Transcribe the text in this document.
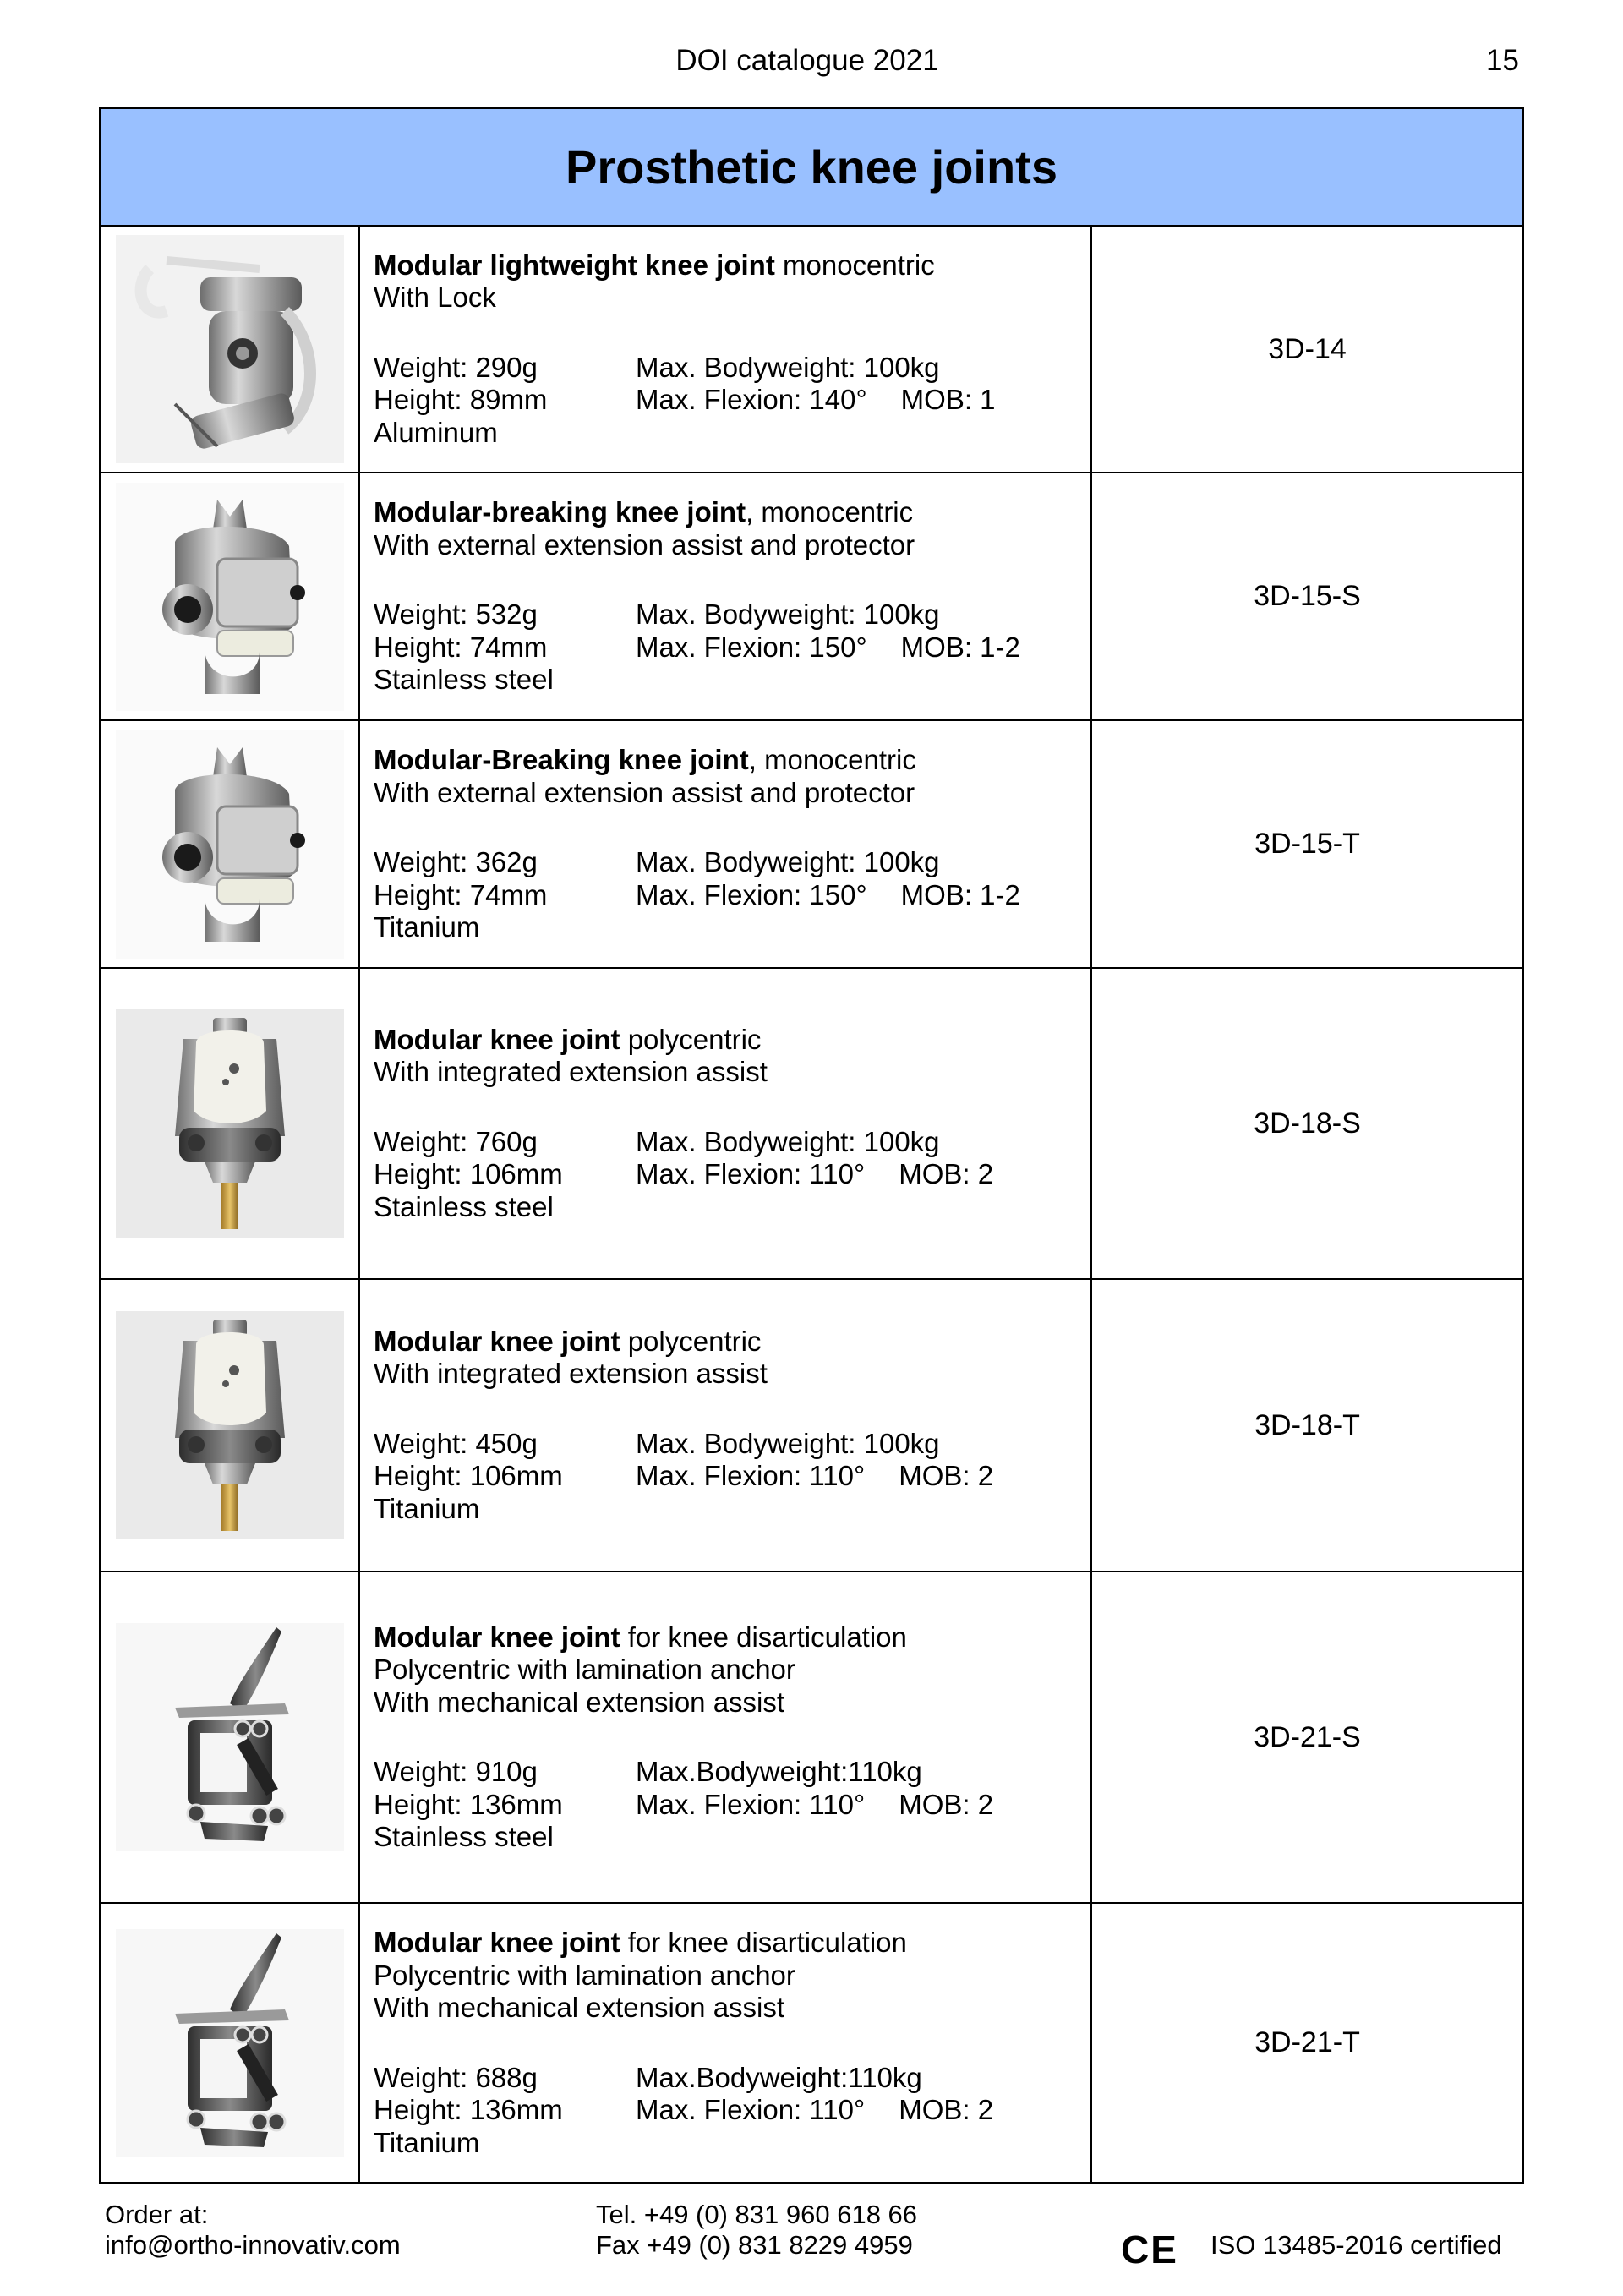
DOI catalogue 2021	15
Prosthetic knee joints
Modular lightweight knee joint monocentric
With Lock
Weight: 290g	Max. Bodyweight: 100kg
Height: 89mm	Max. Flexion: 140° MOB: 1
Aluminum
3D-14
Modular-breaking knee joint, monocentric
With external extension assist and protector
Weight: 532g	Max. Bodyweight: 100kg
Height: 74mm	Max. Flexion: 150° MOB: 1-2
Stainless steel
3D-15-S
Modular-Breaking knee joint, monocentric
With external extension assist and protector
Weight: 362g	Max. Bodyweight: 100kg
Height: 74mm	Max. Flexion: 150° MOB: 1-2
Titanium
3D-15-T
Modular knee joint polycentric
With integrated extension assist
Weight: 760g	Max. Bodyweight: 100kg
Height: 106mm	Max. Flexion: 110° MOB: 2
Stainless steel
3D-18-S
Modular knee joint polycentric
With integrated extension assist
Weight: 450g	Max. Bodyweight: 100kg
Height: 106mm	Max. Flexion: 110° MOB: 2
Titanium
3D-18-T
Modular knee joint for knee disarticulation
Polycentric with lamination anchor
With mechanical extension assist
Weight: 910g	Max.Bodyweight:110kg
Height: 136mm	Max. Flexion: 110° MOB: 2
Stainless steel
3D-21-S
Modular knee joint for knee disarticulation
Polycentric with lamination anchor
With mechanical extension assist
Weight: 688g	Max.Bodyweight:110kg
Height: 136mm	Max. Flexion: 110° MOB: 2
Titanium
3D-21-T
Order at:
info@ortho-innovativ.com
Tel. +49 (0) 831 960 618 66
Fax +49 (0) 831 8229 4959	CE ISO 13485-2016 certified
